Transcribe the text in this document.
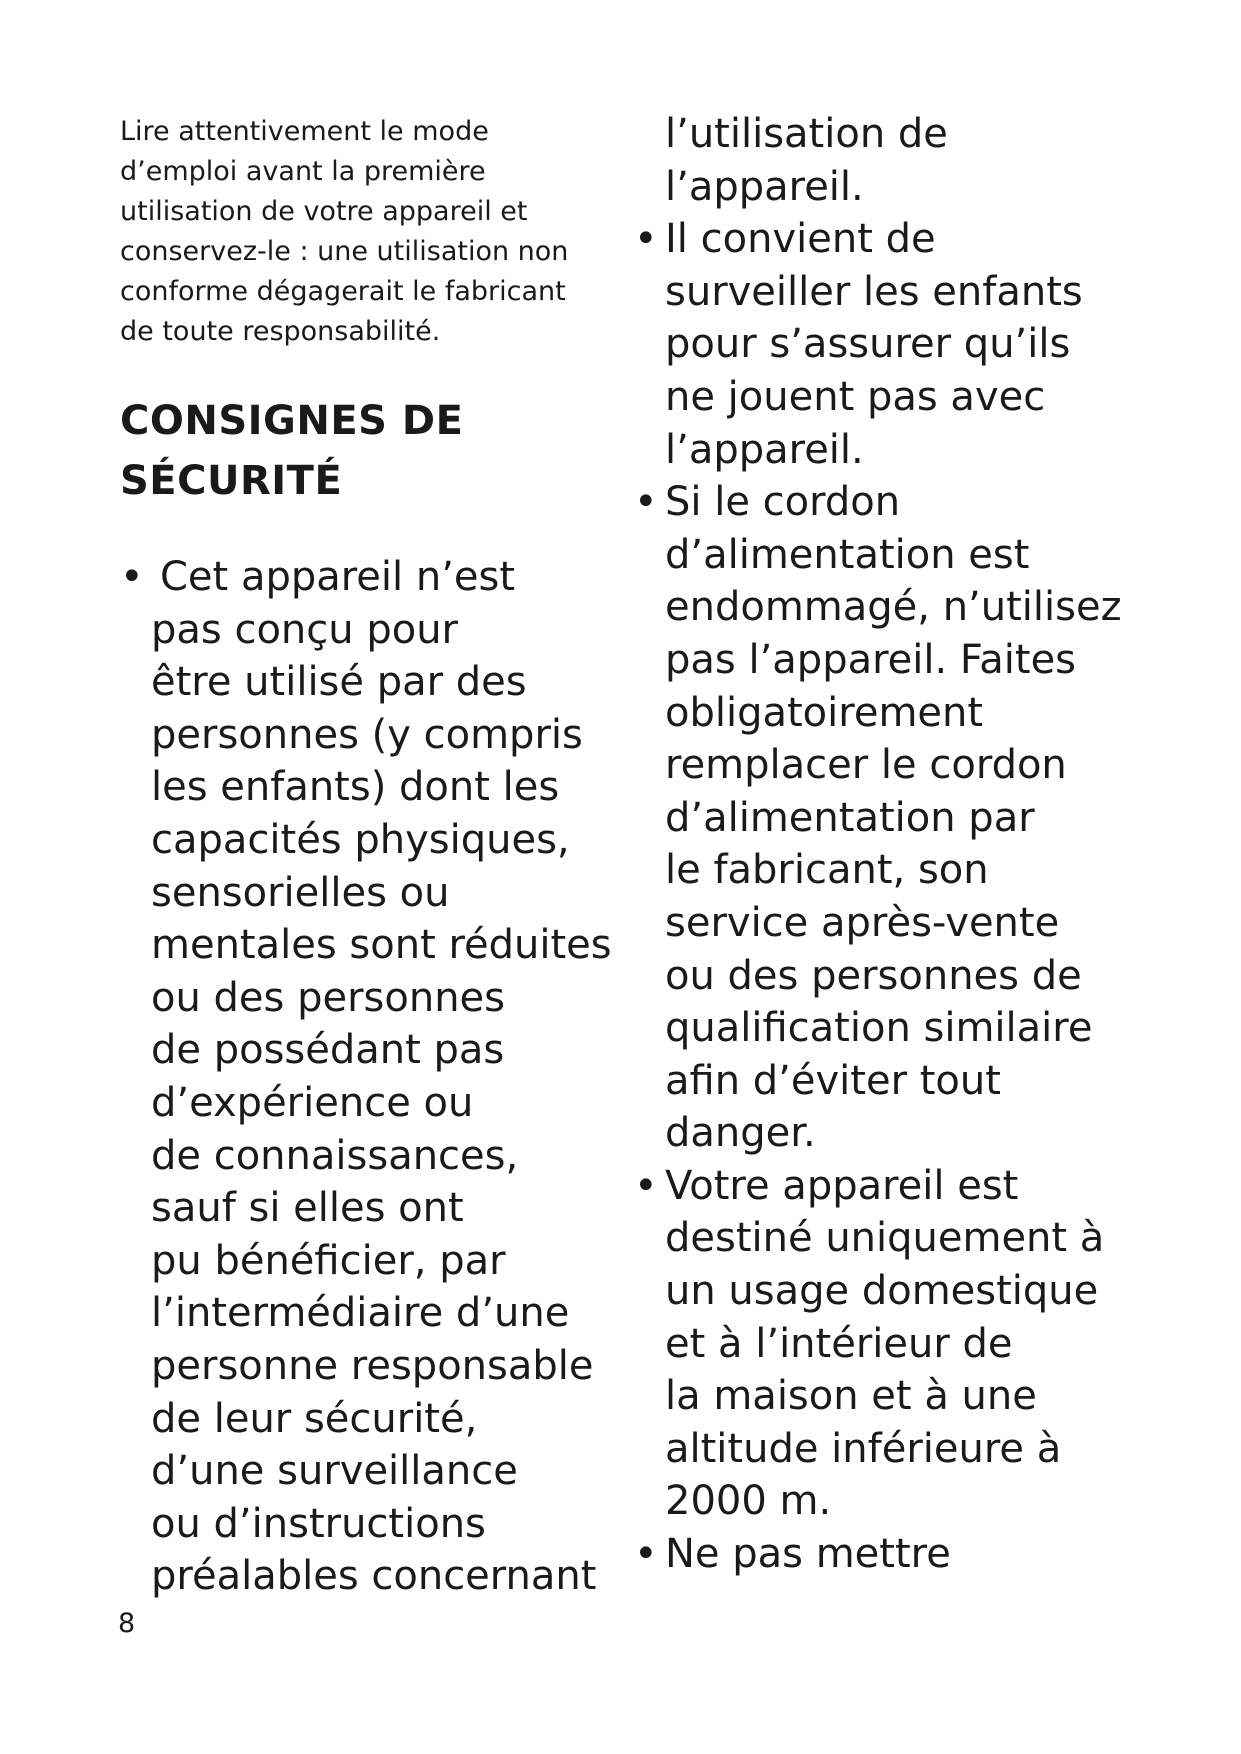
Lire attentivement le mode
d’emploi avant la première
utilisation de votre appareil et
conservez-le : une utilisation non
conforme dégagerait le fabricant
de toute responsabilité.

CONSIGNES DE
SÉCURITÉ
• Cet appareil n’est
pas conçu pour
être utilisé par des
personnes (y compris
les enfants) dont les
capacités physiques,
sensorielles ou
mentales sont réduites
ou des personnes
de possédant pas
d’expérience ou
de connaissances,
sauf si elles ont
pu bénéficier, par
l’intermédiaire d’une
personne responsable
de leur sécurité,
d’une surveillance
ou d’instructions
préalables concernant
l’utilisation de
l’appareil.
• Il convient de
surveiller les enfants
pour s’assurer qu’ils
ne jouent pas avec
l’appareil.
• Si le cordon
d’alimentation est
endommagé, n’utilisez
pas l’appareil. Faites
obligatoirement
remplacer le cordon
d’alimentation par
le fabricant, son
service après-vente
ou des personnes de
qualification similaire
afin d’éviter tout
danger.
• Votre appareil est
destiné uniquement à
un usage domestique
et à l’intérieur de
la maison et à une
altitude inférieure à
2000 m.
• Ne pas mettre
8
